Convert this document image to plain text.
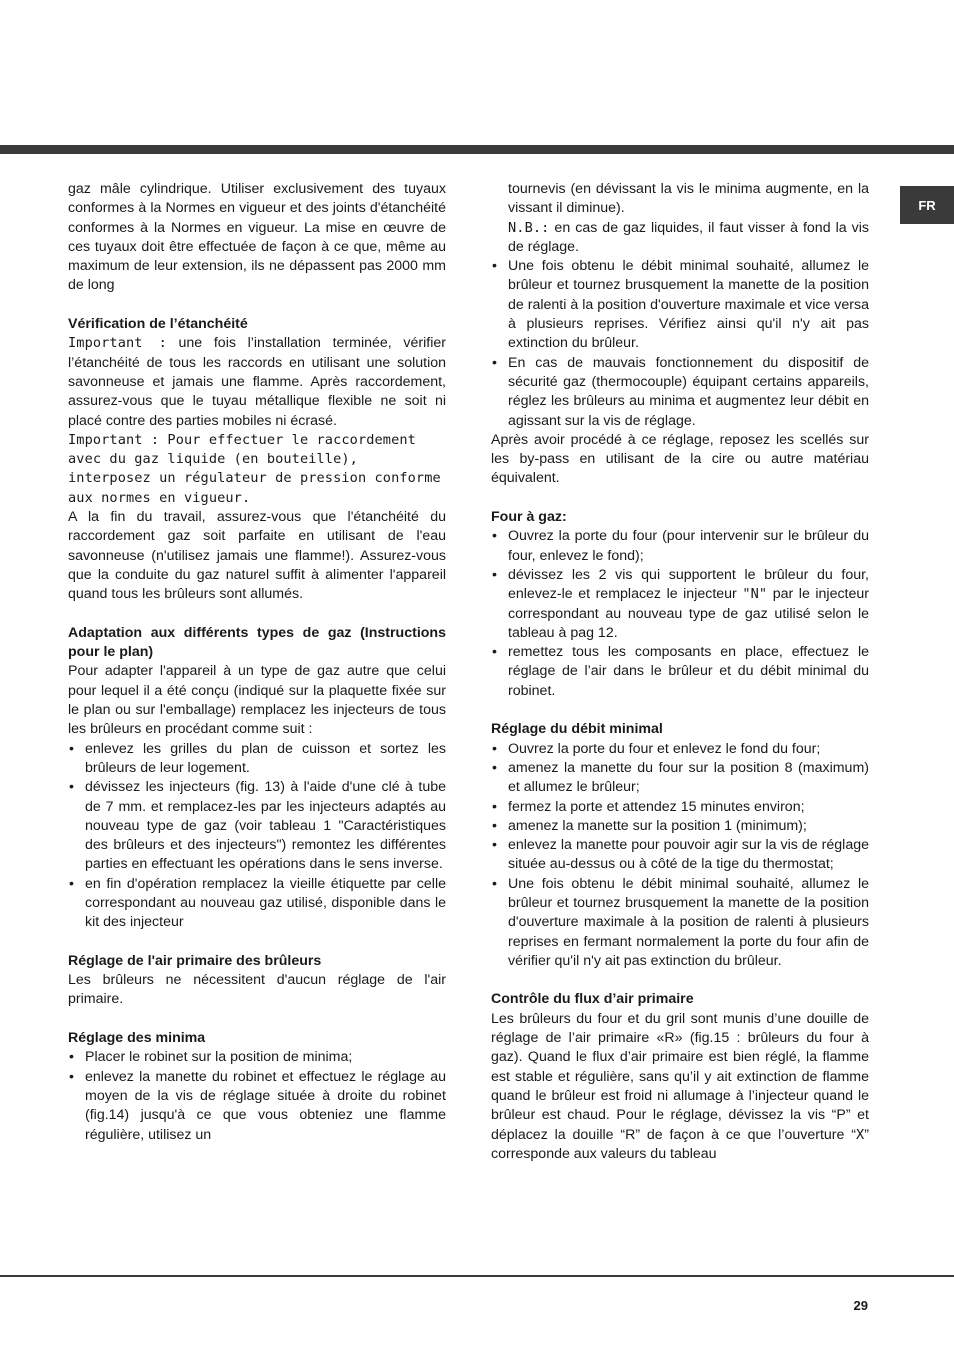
FR

gaz mâle cylindrique. Utiliser exclusivement des tuyaux conformes à la Normes en vigueur et des joints d'étanchéité conformes à la Normes en vigueur. La mise en œuvre de ces tuyaux doit être effectuée de façon à ce que, même au maximum de leur extension, ils ne dépassent pas 2000 mm de long

Vérification de l’étanchéité

Important : une fois l’installation terminée, vérifier l’étanchéité de tous les raccords en utilisant une solution savonneuse et jamais une flamme. Après raccordement, assurez-vous que le tuyau métallique flexible ne soit ni placé contre des parties mobiles ni écrasé.

Important : Pour effectuer le raccordement avec du gaz liquide (en bouteille), interposez un régulateur de pression conforme aux normes en vigueur.

A la fin du travail, assurez-vous que l'étanchéité du raccordement gaz soit parfaite en utilisant de l'eau savonneuse (n'utilisez jamais une flamme!). Assurez-vous que la conduite du gaz naturel suffit à alimenter l'appareil quand tous les brûleurs sont allumés.

Adaptation aux différents types de gaz (Instructions pour le plan)

Pour adapter l'appareil à un type de gaz autre que celui pour lequel il a été conçu (indiqué sur la plaquette fixée sur le plan ou sur l'emballage) remplacez les injecteurs de tous les brûleurs en procédant comme suit :

• enlevez les grilles du plan de cuisson et sortez les brûleurs de leur logement.
• dévissez les injecteurs (fig. 13) à l'aide d'une clé à tube de 7 mm. et remplacez-les par les injecteurs adaptés au nouveau type de gaz (voir tableau 1 "Caractéristiques des brûleurs et des injecteurs") remontez les différentes parties en effectuant les opérations dans le sens inverse.
• en fin d'opération remplacez la vieille étiquette par celle correspondant au nouveau gaz utilisé, disponible dans le kit des injecteur

Réglage de l'air primaire des brûleurs

Les brûleurs ne nécessitent d'aucun réglage de l'air primaire.

Réglage des minima

• Placer le robinet sur la position de minima;
• enlevez la manette du robinet et effectuez le réglage au moyen de la vis de réglage située à droite du robinet (fig.14) jusqu'à ce que vous obteniez une flamme régulière, utilisez un
tournevis (en dévissant la vis le minima augmente, en la vissant il diminue).
N.B.: en cas de gaz liquides, il faut visser à fond la vis de réglage.
• Une fois obtenu le débit minimal souhaité, allumez le brûleur et tournez brusquement la manette de la position de ralenti à la position d'ouverture maximale et vice versa à plusieurs reprises. Vérifiez ainsi qu'il n'y ait pas extinction du brûleur.
• En cas de mauvais fonctionnement du dispositif de sécurité gaz (thermocouple) équipant certains appareils, réglez les brûleurs au minima et augmentez leur débit en agissant sur la vis de réglage.

Après avoir procédé à ce réglage, reposez les scellés sur les by-pass en utilisant de la cire ou autre matériau équivalent.

Four à gaz:

• Ouvrez la porte du four (pour intervenir sur le brûleur du four, enlevez le fond);
• dévissez les 2 vis qui supportent le brûleur du four, enlevez-le et remplacez le injecteur "N" par le injecteur correspondant au nouveau type de gaz utilisé selon le tableau à pag 12.
• remettez tous les composants en place, effectuez le réglage de l’air dans le brûleur et du débit minimal du robinet.

Réglage du débit minimal

• Ouvrez la porte du four et enlevez le fond du four;
• amenez la manette du four sur la position 8 (maximum) et allumez le brûleur;
• fermez la porte et attendez 15 minutes environ;
• amenez la manette sur la position 1 (minimum);
• enlevez la manette pour pouvoir agir sur la vis de réglage située au-dessus ou à côté de la tige du thermostat;
• Une fois obtenu le débit minimal souhaité, allumez le brûleur et tournez brusquement la manette de la position d'ouverture maximale à la position de ralenti à plusieurs reprises en fermant normalement la porte du four afin de vérifier qu'il n'y ait pas extinction du brûleur.

Contrôle du flux d’air primaire

Les brûleurs du four et du gril sont munis d’une douille de réglage de l’air primaire «R» (fig.15 : brûleurs du four à gaz). Quand le flux d’air primaire est bien réglé, la flamme est stable et régulière, sans qu’il y ait extinction de flamme quand le brûleur est froid ni allumage à l’injecteur quand le brûleur est chaud. Pour le réglage, dévissez la vis “P” et déplacez la douille “R” de façon à ce que l’ouverture “X” corresponde aux valeurs du tableau

29
